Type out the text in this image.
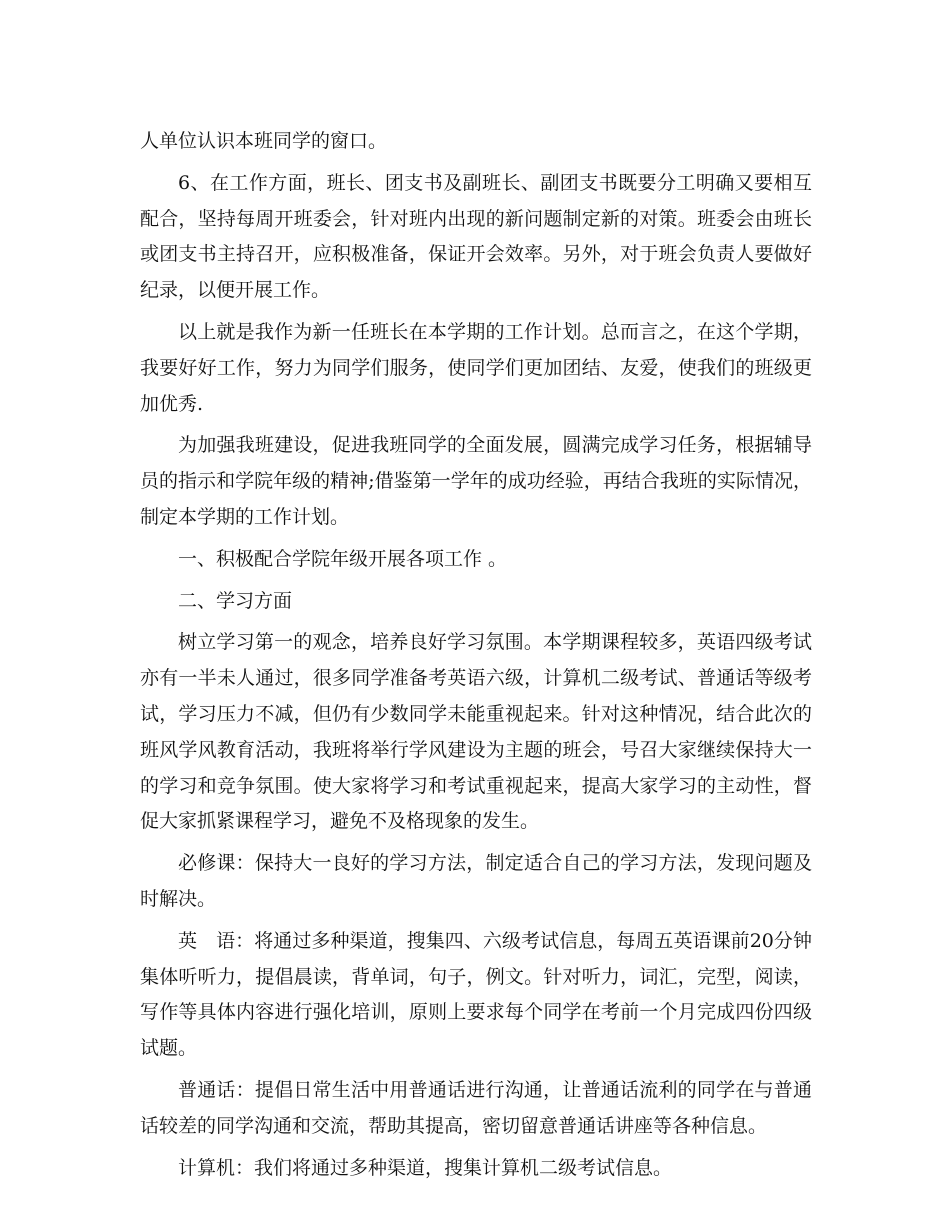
人单位认识本班同学的窗口。

6、在工作方面，班长、团支书及副班长、副团支书既要分工明确又要相互配合，坚持每周开班委会，针对班内出现的新问题制定新的对策。班委会由班长或团支书主持召开，应积极准备，保证开会效率。另外，对于班会负责人要做好纪录，以便开展工作。

以上就是我作为新一任班长在本学期的工作计划。总而言之，在这个学期，我要好好工作，努力为同学们服务，使同学们更加团结、友爱，使我们的班级更加优秀.

为加强我班建设，促进我班同学的全面发展，圆满完成学习任务，根据辅导员的指示和学院年级的精神;借鉴第一学年的成功经验，再结合我班的实际情况，制定本学期的工作计划。

一、积极配合学院年级开展各项工作 。

二、学习方面

树立学习第一的观念，培养良好学习氛围。本学期课程较多，英语四级考试亦有一半未人通过，很多同学准备考英语六级，计算机二级考试、普通话等级考试，学习压力不减，但仍有少数同学未能重视起来。针对这种情况，结合此次的班风学风教育活动，我班将举行学风建设为主题的班会，号召大家继续保持大一的学习和竞争氛围。使大家将学习和考试重视起来，提高大家学习的主动性，督促大家抓紧课程学习，避免不及格现象的发生。

必修课：保持大一良好的学习方法，制定适合自己的学习方法，发现问题及时解决。

英　语：将通过多种渠道，搜集四、六级考试信息，每周五英语课前20分钟集体听听力，提倡晨读，背单词，句子，例文。针对听力，词汇，完型，阅读，写作等具体内容进行强化培训，原则上要求每个同学在考前一个月完成四份四级试题。

普通话：提倡日常生活中用普通话进行沟通，让普通话流利的同学在与普通话较差的同学沟通和交流，帮助其提高，密切留意普通话讲座等各种信息。

计算机：我们将通过多种渠道，搜集计算机二级考试信息。
